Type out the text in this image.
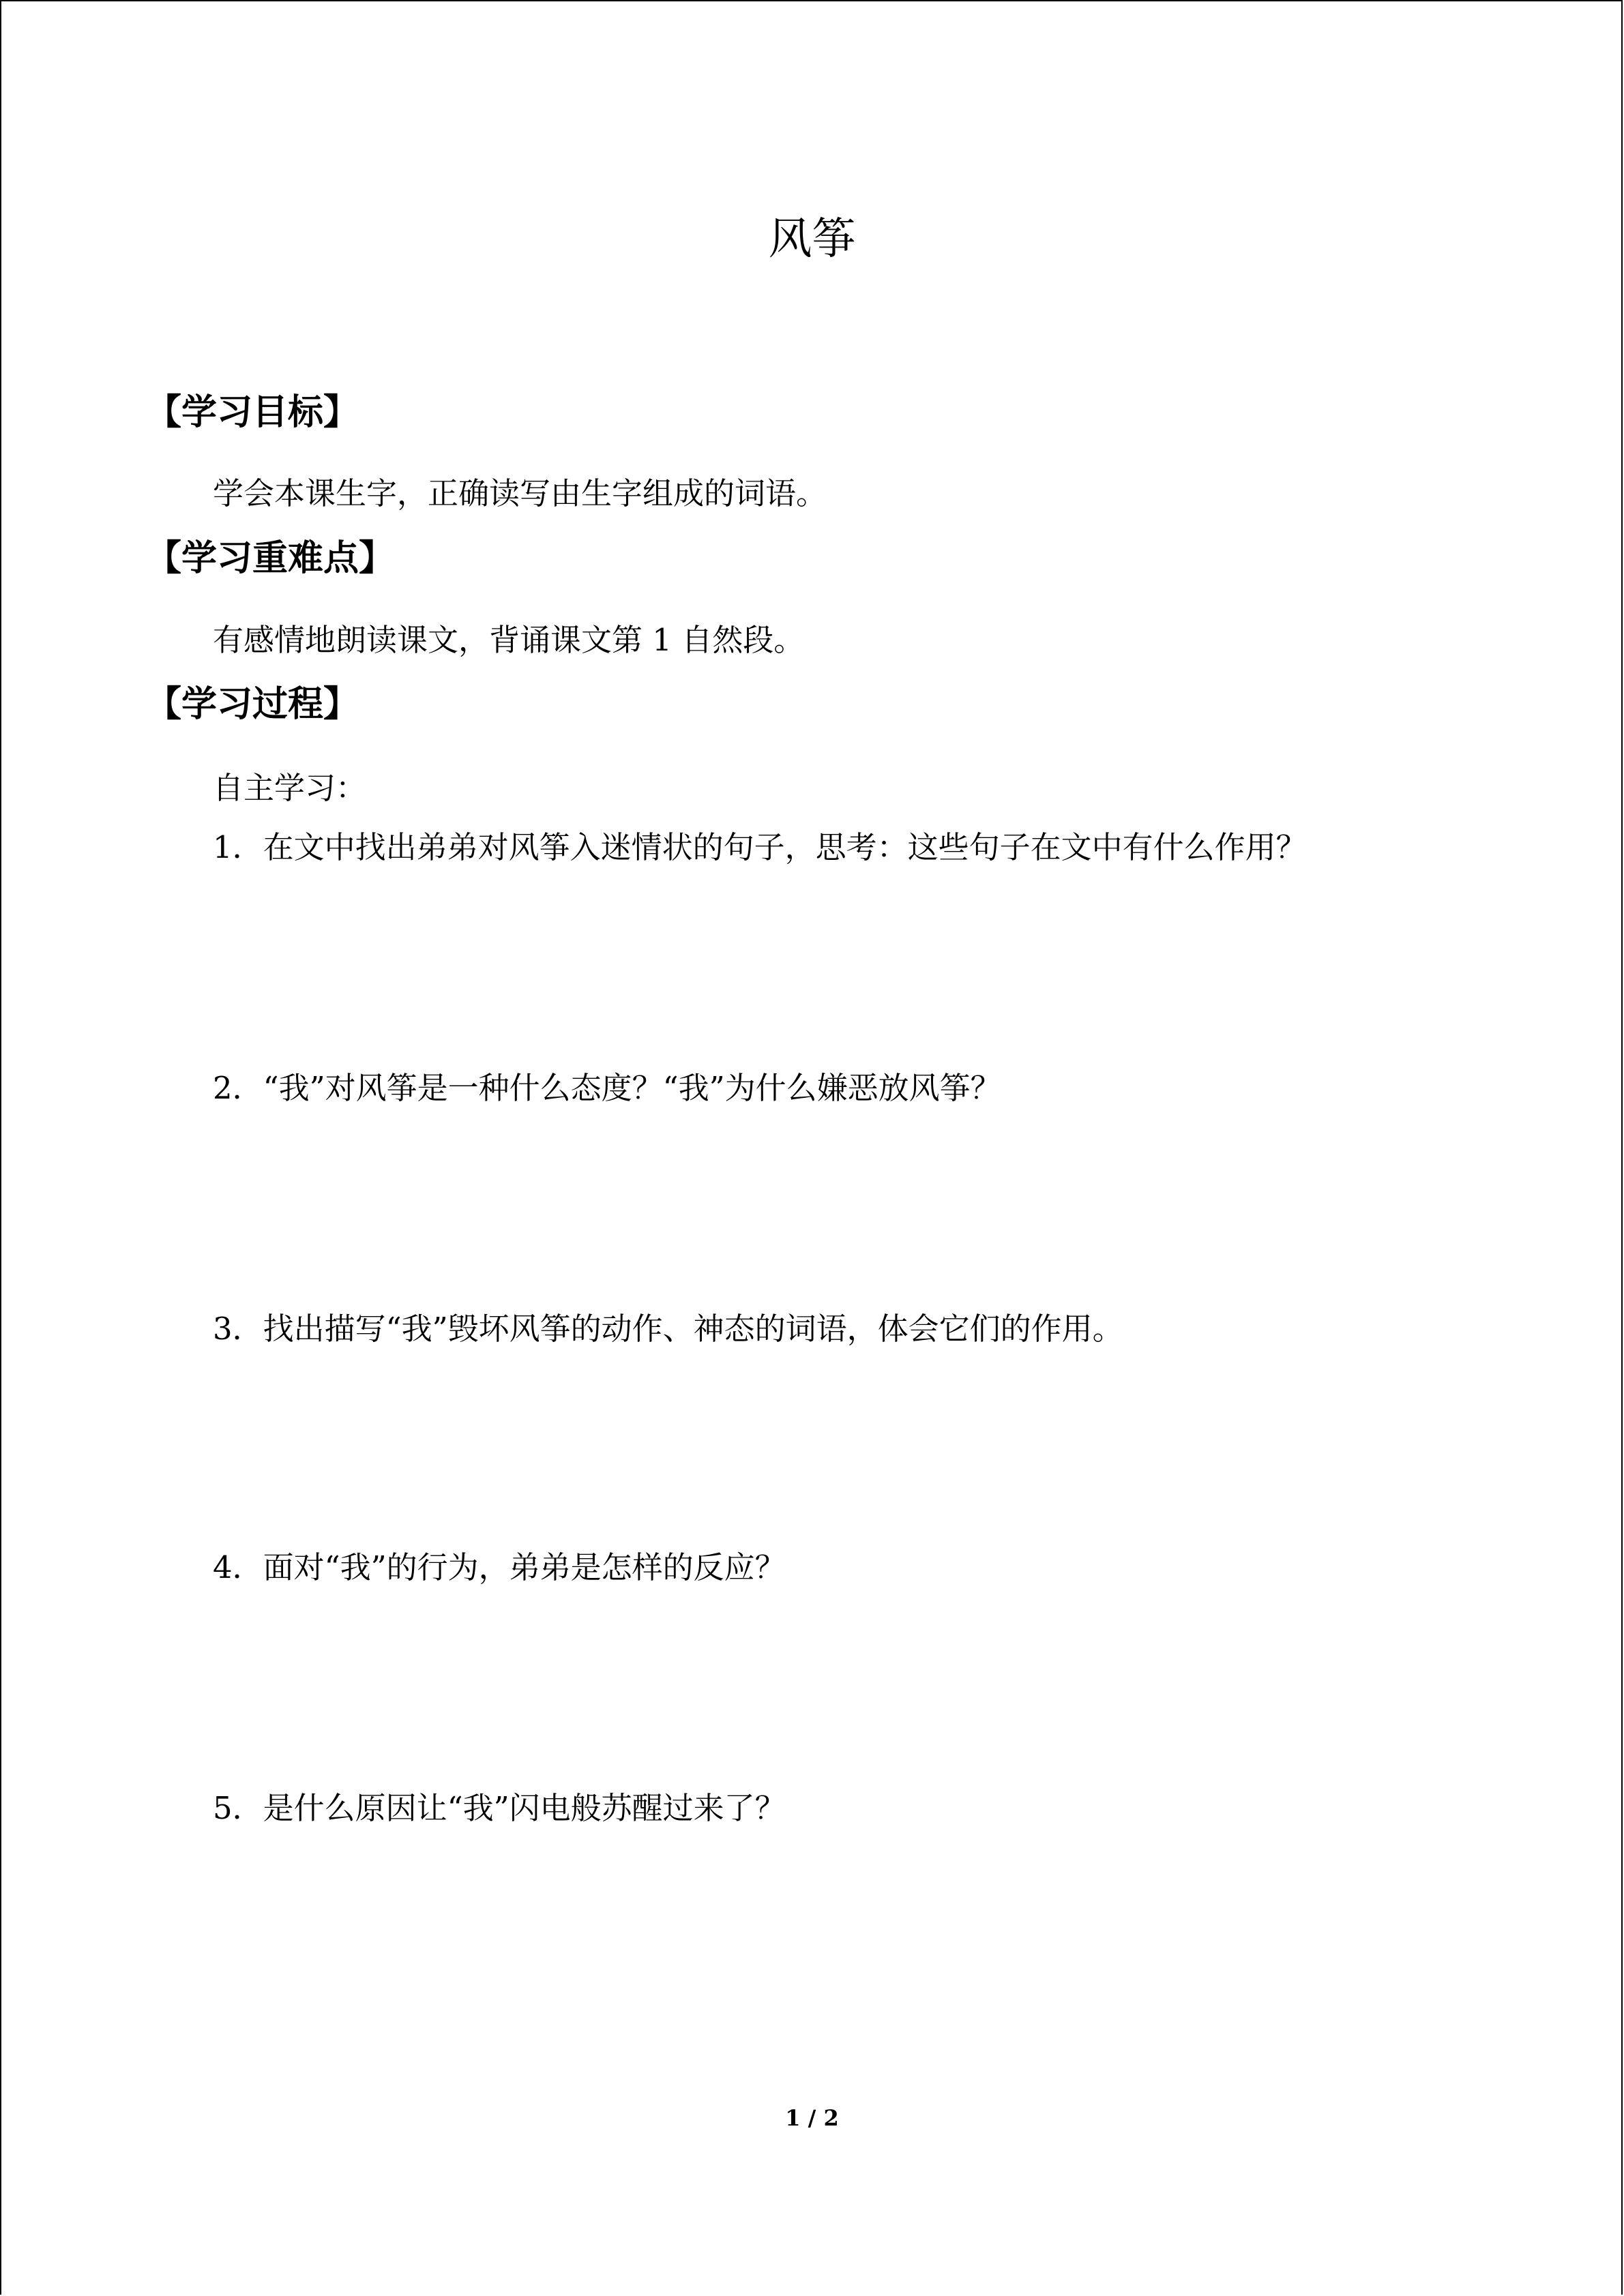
风筝
【学习目标】
学会本课生字，正确读写由生字组成的词语。
【学习重难点】
有感情地朗读课文，背诵课文第 1 自然段。
【学习过程】
自主学习：
1．在文中找出弟弟对风筝入迷情状的句子，思考：这些句子在文中有什么作用？
2．“我”对风筝是一种什么态度？“我”为什么嫌恶放风筝？
3．找出描写“我”毁坏风筝的动作、神态的词语，体会它们的作用。
4．面对“我”的行为，弟弟是怎样的反应？
5．是什么原因让“我”闪电般苏醒过来了？
1 / 2
